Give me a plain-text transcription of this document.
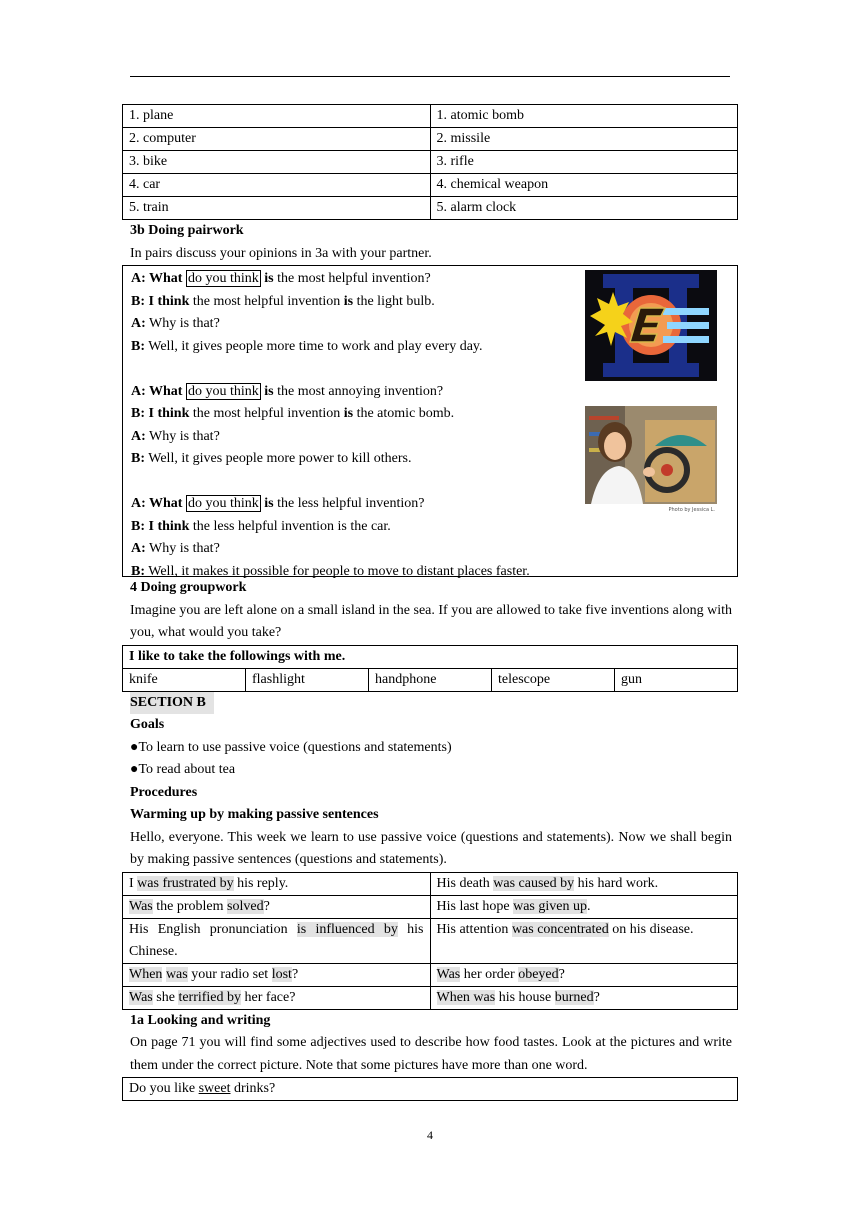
1. plane	1. atomic bomb
2. computer	2. missile
3. bike	3. rifle
4. car	4. chemical weapon
5. train	5. alarm clock
3b Doing pairwork
In pairs discuss your opinions in 3a with your partner.
A: What do you think is the most helpful invention?
B: I think the most helpful invention is the light bulb.
A: Why is that?
B: Well, it gives people more time to work and play every day.
A: What do you think is the most annoying invention?
B: I think the most helpful invention is the atomic bomb.
A: Why is that?
B: Well, it gives people more power to kill others.
A: What do you think is the less helpful invention?
B: I think the less helpful invention is the car.
A: Why is that?
B: Well, it makes it possible for people to move to distant places faster.
Photo by Jessica L.
4 Doing groupwork
Imagine you are left alone on a small island in the sea. If you are allowed to take five inventions along with you, what would you take?
I like to take the followings with me.
knife	flashlight	handphone	telescope	gun
SECTION B
Goals
●To learn to use passive voice (questions and statements)
●To read about tea
Procedures
Warming up by making passive sentences
Hello, everyone. This week we learn to use passive voice (questions and statements). Now we shall begin by making passive sentences (questions and statements).
I was frustrated by his reply.	His death was caused by his hard work.
Was the problem solved?	His last hope was given up.
His English pronunciation is influenced by his Chinese.	His attention was concentrated on his disease.
When was your radio set lost?	Was her order obeyed?
Was she terrified by her face?	When was his house burned?
1a Looking and writing
On page 71 you will find some adjectives used to describe how food tastes. Look at the pictures and write them under the correct picture. Note that some pictures have more than one word.
Do you like sweet drinks?
4
